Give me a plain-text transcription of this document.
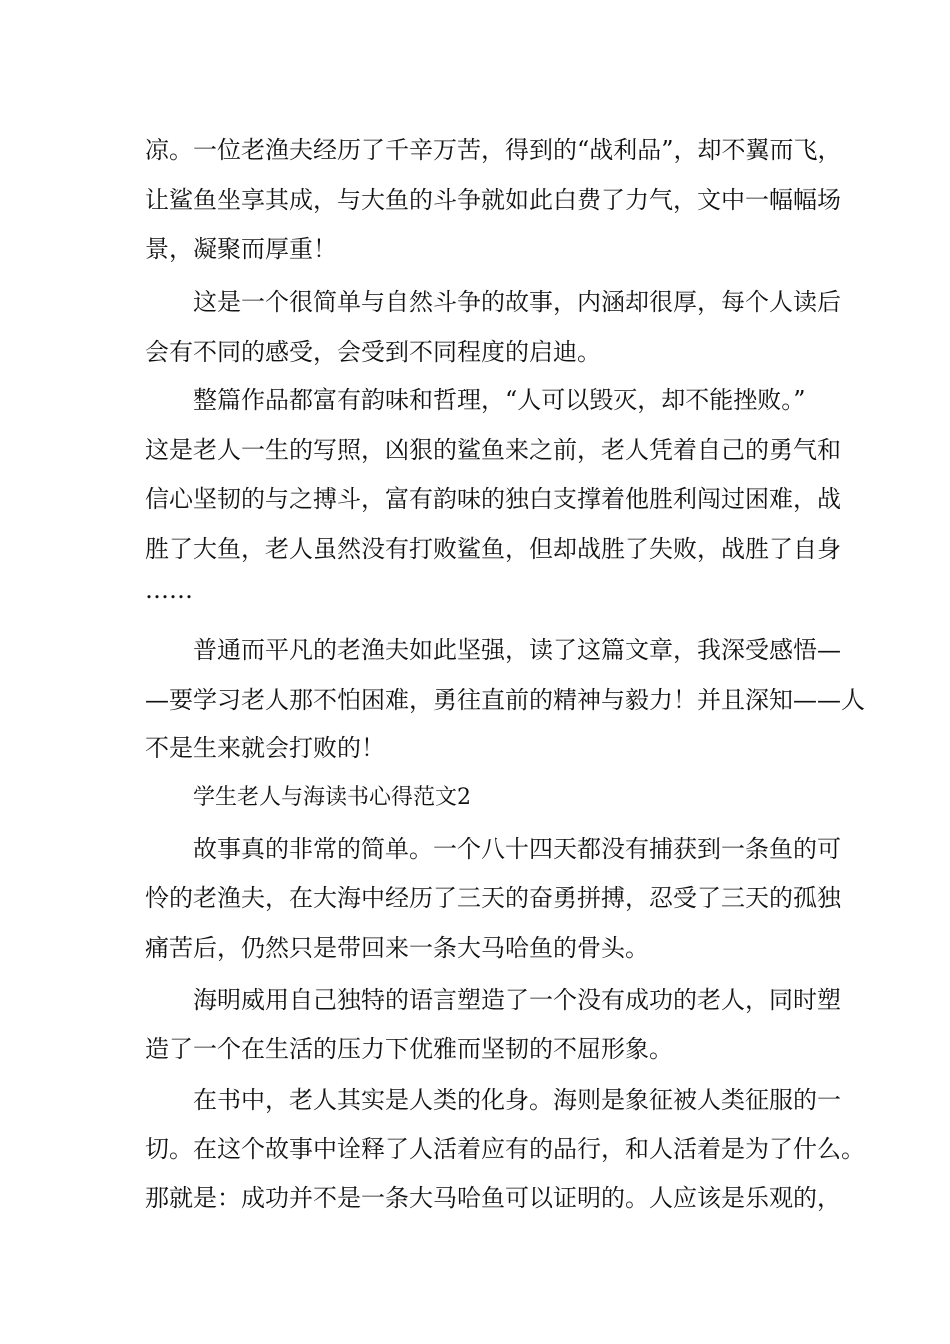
凉。一位老渔夫经历了千辛万苦，得到的“战利品”，却不翼而飞，
让鲨鱼坐享其成，与大鱼的斗争就如此白费了力气，文中一幅幅场
景，凝聚而厚重！
这是一个很简单与自然斗争的故事，内涵却很厚，每个人读后
会有不同的感受，会受到不同程度的启迪。
整篇作品都富有韵味和哲理，“人可以毁灭，却不能挫败。”
这是老人一生的写照，凶狠的鲨鱼来之前，老人凭着自己的勇气和
信心坚韧的与之搏斗，富有韵味的独白支撑着他胜利闯过困难，战
胜了大鱼，老人虽然没有打败鲨鱼，但却战胜了失败，战胜了自身
……
普通而平凡的老渔夫如此坚强，读了这篇文章，我深受感悟—
—要学习老人那不怕困难，勇往直前的精神与毅力！并且深知——人
不是生来就会打败的！
学生老人与海读书心得范文2
故事真的非常的简单。一个八十四天都没有捕获到一条鱼的可
怜的老渔夫，在大海中经历了三天的奋勇拼搏，忍受了三天的孤独
痛苦后，仍然只是带回来一条大马哈鱼的骨头。
海明威用自己独特的语言塑造了一个没有成功的老人，同时塑
造了一个在生活的压力下优雅而坚韧的不屈形象。
在书中，老人其实是人类的化身。海则是象征被人类征服的一
切。在这个故事中诠释了人活着应有的品行，和人活着是为了什么。
那就是：成功并不是一条大马哈鱼可以证明的。人应该是乐观的，
